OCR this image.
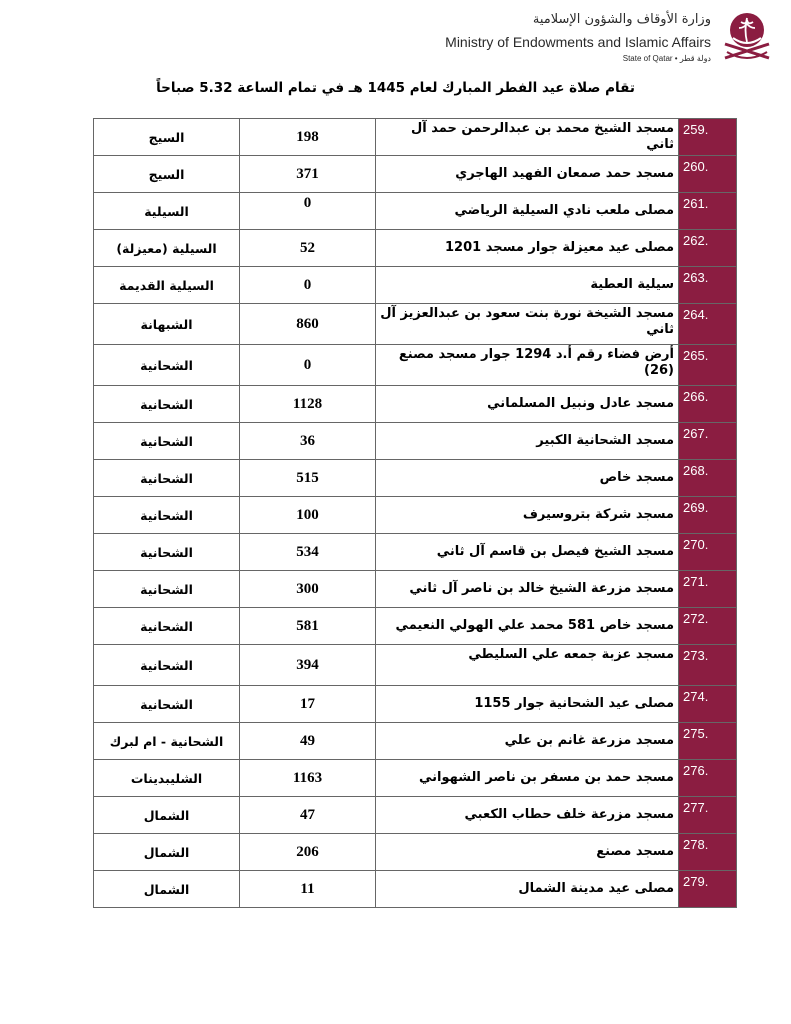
وزارة الأوقاف والشؤون الإسلامية
Ministry of Endowments and Islamic Affairs
State of Qatar • دولة قطر
تقام صلاة عيد الفطر المبارك لعام 1445 هـ في تمام الساعة 5.32 صباحاً
259.	مسجد الشيخ محمد بن عبدالرحمن حمد آل ثاني	198	السيج
260.	مسجد حمد صمعان الفهيد الهاجري	371	السيج
261.	مصلى ملعب نادي السيلية الرياضي	0	السيلية
262.	مصلى عيد معيزلة جوار مسجد 1201	52	السيلية (معيزلة)
263.	سيلية العطية	0	السيلية القديمة
264.	مسجد الشيخة نورة بنت سعود بن عبدالعزيز آل ثاني	860	الشبهانة
265.	أرض فضاء رقم أ.د 1294 جوار مسجد مصنع (26)	0	الشحانية
266.	مسجد عادل ونبيل المسلماني	1128	الشحانية
267.	مسجد الشحانية الكبير	36	الشحانية
268.	مسجد خاص	515	الشحانية
269.	مسجد شركة بتروسيرف	100	الشحانية
270.	مسجد الشيخ فيصل بن قاسم آل ثاني	534	الشحانية
271.	مسجد مزرعة الشيخ خالد بن ناصر آل ثاني	300	الشحانية
272.	مسجد خاص 581 محمد علي الهولي النعيمي	581	الشحانية
273.	مسجد عزبة جمعه علي السليطي	394	الشحانية
274.	مصلى عيد الشحانية جوار 1155	17	الشحانية
275.	مسجد مزرعة غانم بن علي	49	الشحانية - ام لبرك
276.	مسجد حمد بن مسفر بن ناصر الشهواني	1163	الشليبدينات
277.	مسجد مزرعة خلف حطاب الكعبي	47	الشمال
278.	مسجد مصنع	206	الشمال
279.	مصلى عيد مدينة الشمال	11	الشمال
